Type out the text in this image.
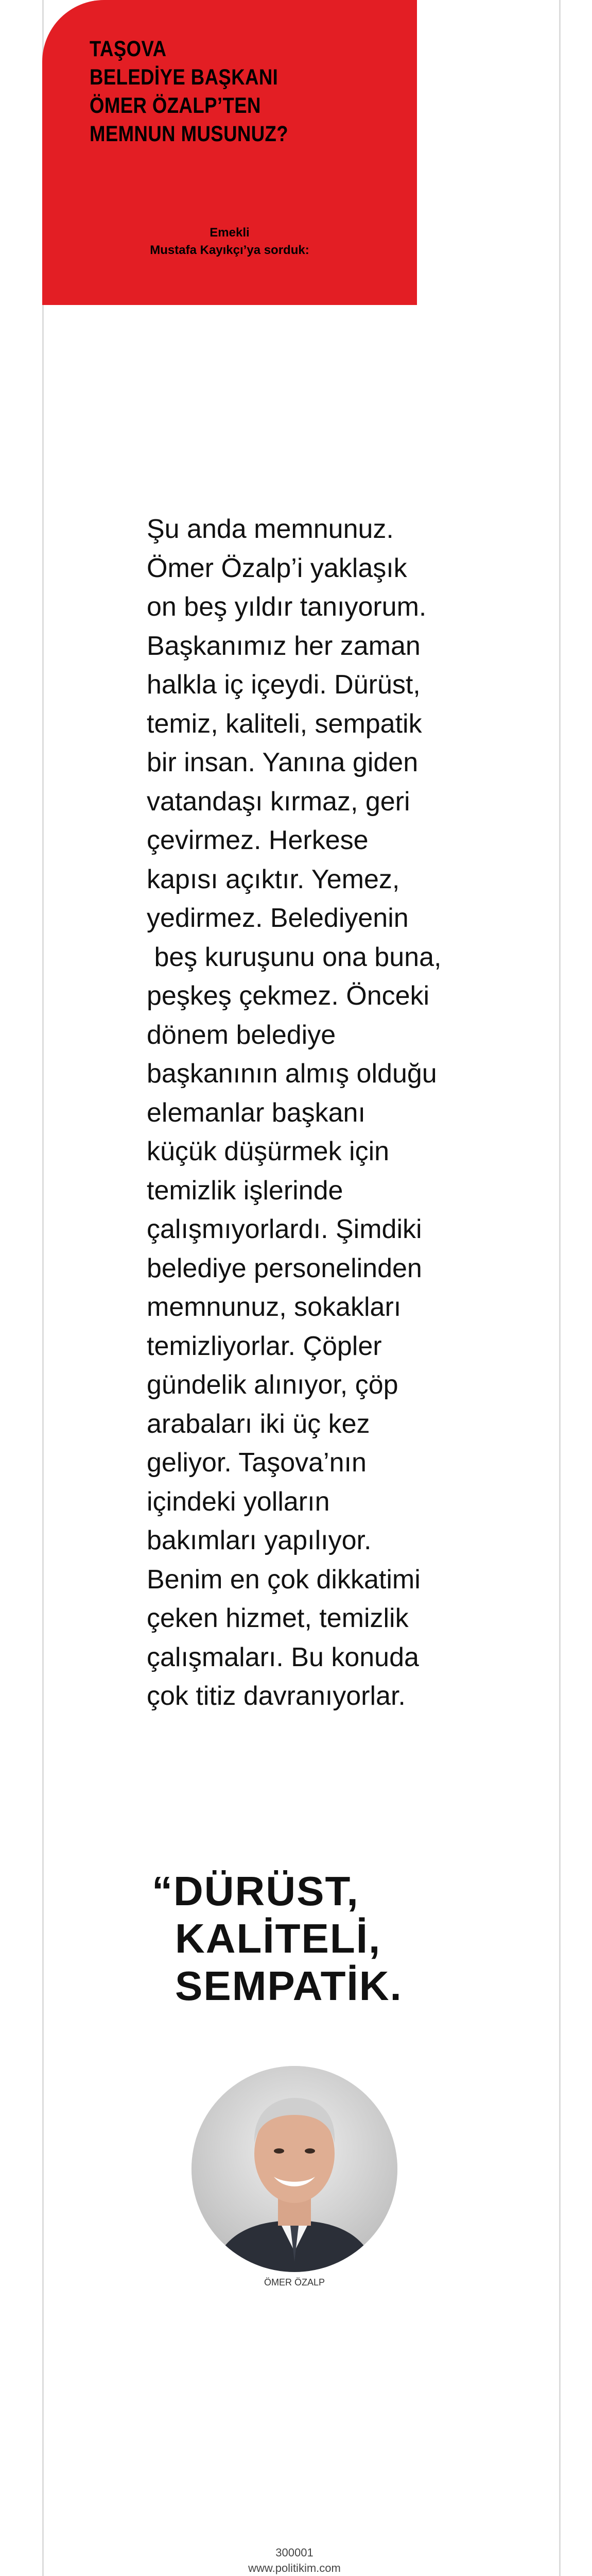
TAŞOVA
BELEDİYE BAŞKANI
ÖMER ÖZALP’TEN
MEMNUN MUSUNUZ?
Emekli
Mustafa Kayıkçı’ya sorduk:
Şu anda memnunuz.
Ömer Özalp’i yaklaşık
on beş yıldır tanıyorum.
Başkanımız her zaman
halkla iç içeydi. Dürüst,
temiz, kaliteli, sempatik
bir insan. Yanına giden
vatandaşı kırmaz, geri
çevirmez. Herkese
kapısı açıktır. Yemez,
yedirmez. Belediyenin
beş kuruşunu ona buna,
peşkeş çekmez. Önceki
dönem belediye
başkanının almış olduğu
elemanlar başkanı
küçük düşürmek için
temizlik işlerinde
çalışmıyorlardı. Şimdiki
belediye personelinden
memnunuz, sokakları
temizliyorlar. Çöpler
gündelik alınıyor, çöp
arabaları iki üç kez
geliyor. Taşova’nın
içindeki yolların
bakımları yapılıyor.
Benim en çok dikkatimi
çeken hizmet, temizlik
çalışmaları. Bu konuda
çok titiz davranıyorlar.
“DÜRÜST,
KALİTELİ,
SEMPATİK.
ÖMER ÖZALP
300001
www.politikim.com
